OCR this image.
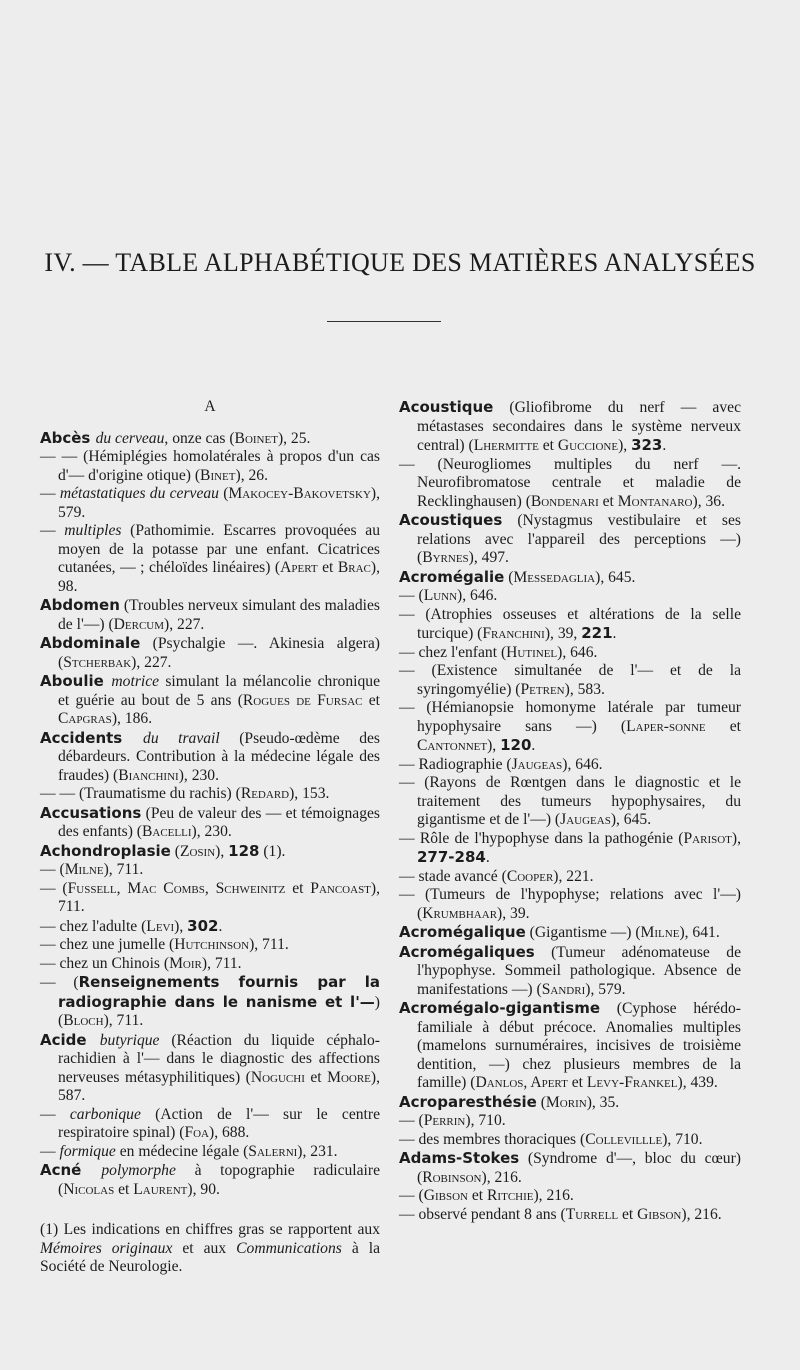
IV. — TABLE ALPHABÉTIQUE DES MATIÈRES ANALYSÉES
A
Abcès du cerveau, onze cas (Boinet), 25.
— — (Hémiplégies homolatérales à propos d'un cas d'— d'origine otique) (Binet), 26.
— métastatiques du cerveau (Makocey-Bakovetsky), 579.
— multiples (Pathomimie. Escarres provoquées au moyen de la potasse par une enfant. Cicatrices cutanées, — ; chéloïdes linéaires) (Apert et Brac), 98.
Abdomen (Troubles nerveux simulant des maladies de l'—) (Dercum), 227.
Abdominale (Psychalgie —. Akinesia algera) (Stcherbak), 227.
Aboulie motrice simulant la mélancolie chronique et guérie au bout de 5 ans (Rogues de Fursac et Capgras), 186.
Accidents du travail (Pseudo-œdème des débardeurs. Contribution à la médecine légale des fraudes) (Bianchini), 230.
— — (Traumatisme du rachis) (Redard), 153.
Accusations (Peu de valeur des — et témoignages des enfants) (Bacelli), 230.
Achondroplasie (Zosin), 128 (1).
— (Milne), 711.
— (Fussell, Mac Combs, Schweinitz et Pancoast), 711.
— chez l'adulte (Levi), 302.
— chez une jumelle (Hutchinson), 711.
— chez un Chinois (Moir), 711.
— (Renseignements fournis par la radiographie dans le nanisme et l'—) (Bloch), 711.
Acide butyrique (Réaction du liquide céphalo-rachidien à l'— dans le diagnostic des affections nerveuses métasyphilitiques) (Noguchi et Moore), 587.
— carbonique (Action de l'— sur le centre respiratoire spinal) (Foa), 688.
— formique en médecine légale (Salerni), 231.
Acné polymorphe à topographie radiculaire (Nicolas et Laurent), 90.
(1) Les indications en chiffres gras se rapportent aux Mémoires originaux et aux Communications à la Société de Neurologie.
Acoustique (Gliofibrome du nerf — avec métastases secondaires dans le système nerveux central) (Lhermitte et Guccione), 323.
— (Neurogliomes multiples du nerf —. Neurofibromatose centrale et maladie de Recklinghausen) (Bondenari et Montanaro), 36.
Acoustiques (Nystagmus vestibulaire et ses relations avec l'appareil des perceptions —) (Byrnes), 497.
Acromégalie (Messedaglia), 645.
— (Lunn), 646.
— (Atrophies osseuses et altérations de la selle turcique) (Franchini), 39, 221.
— chez l'enfant (Hutinel), 646.
— (Existence simultanée de l'— et de la syringomyélie) (Petren), 583.
— (Hémianopsie homonyme latérale par tumeur hypophysaire sans —) (Laper-sonne et Cantonnet), 120.
— Radiographie (Jaugeas), 646.
— (Rayons de Rœntgen dans le diagnostic et le traitement des tumeurs hypophysaires, du gigantisme et de l'—) (Jaugeas), 645.
— Rôle de l'hypophyse dans la pathogénie (Parisot), 277-284.
— stade avancé (Cooper), 221.
— (Tumeurs de l'hypophyse; relations avec l'—) (Krumbhaar), 39.
Acromégalique (Gigantisme —) (Milne), 641.
Acromégaliques (Tumeur adénomateuse de l'hypophyse. Sommeil pathologique. Absence de manifestations —) (Sandri), 579.
Acromégalo-gigantisme (Cyphose hérédo-familiale à début précoce. Anomalies multiples (mamelons surnuméraires, incisives de troisième dentition, —) chez plusieurs membres de la famille) (Danlos, Apert et Levy-Frankel), 439.
Acroparesthésie (Morin), 35.
— (Perrin), 710.
— des membres thoraciques (Collevillle), 710.
Adams-Stokes (Syndrome d'—, bloc du cœur) (Robinson), 216.
— (Gibson et Ritchie), 216.
— observé pendant 8 ans (Turrell et Gibson), 216.
